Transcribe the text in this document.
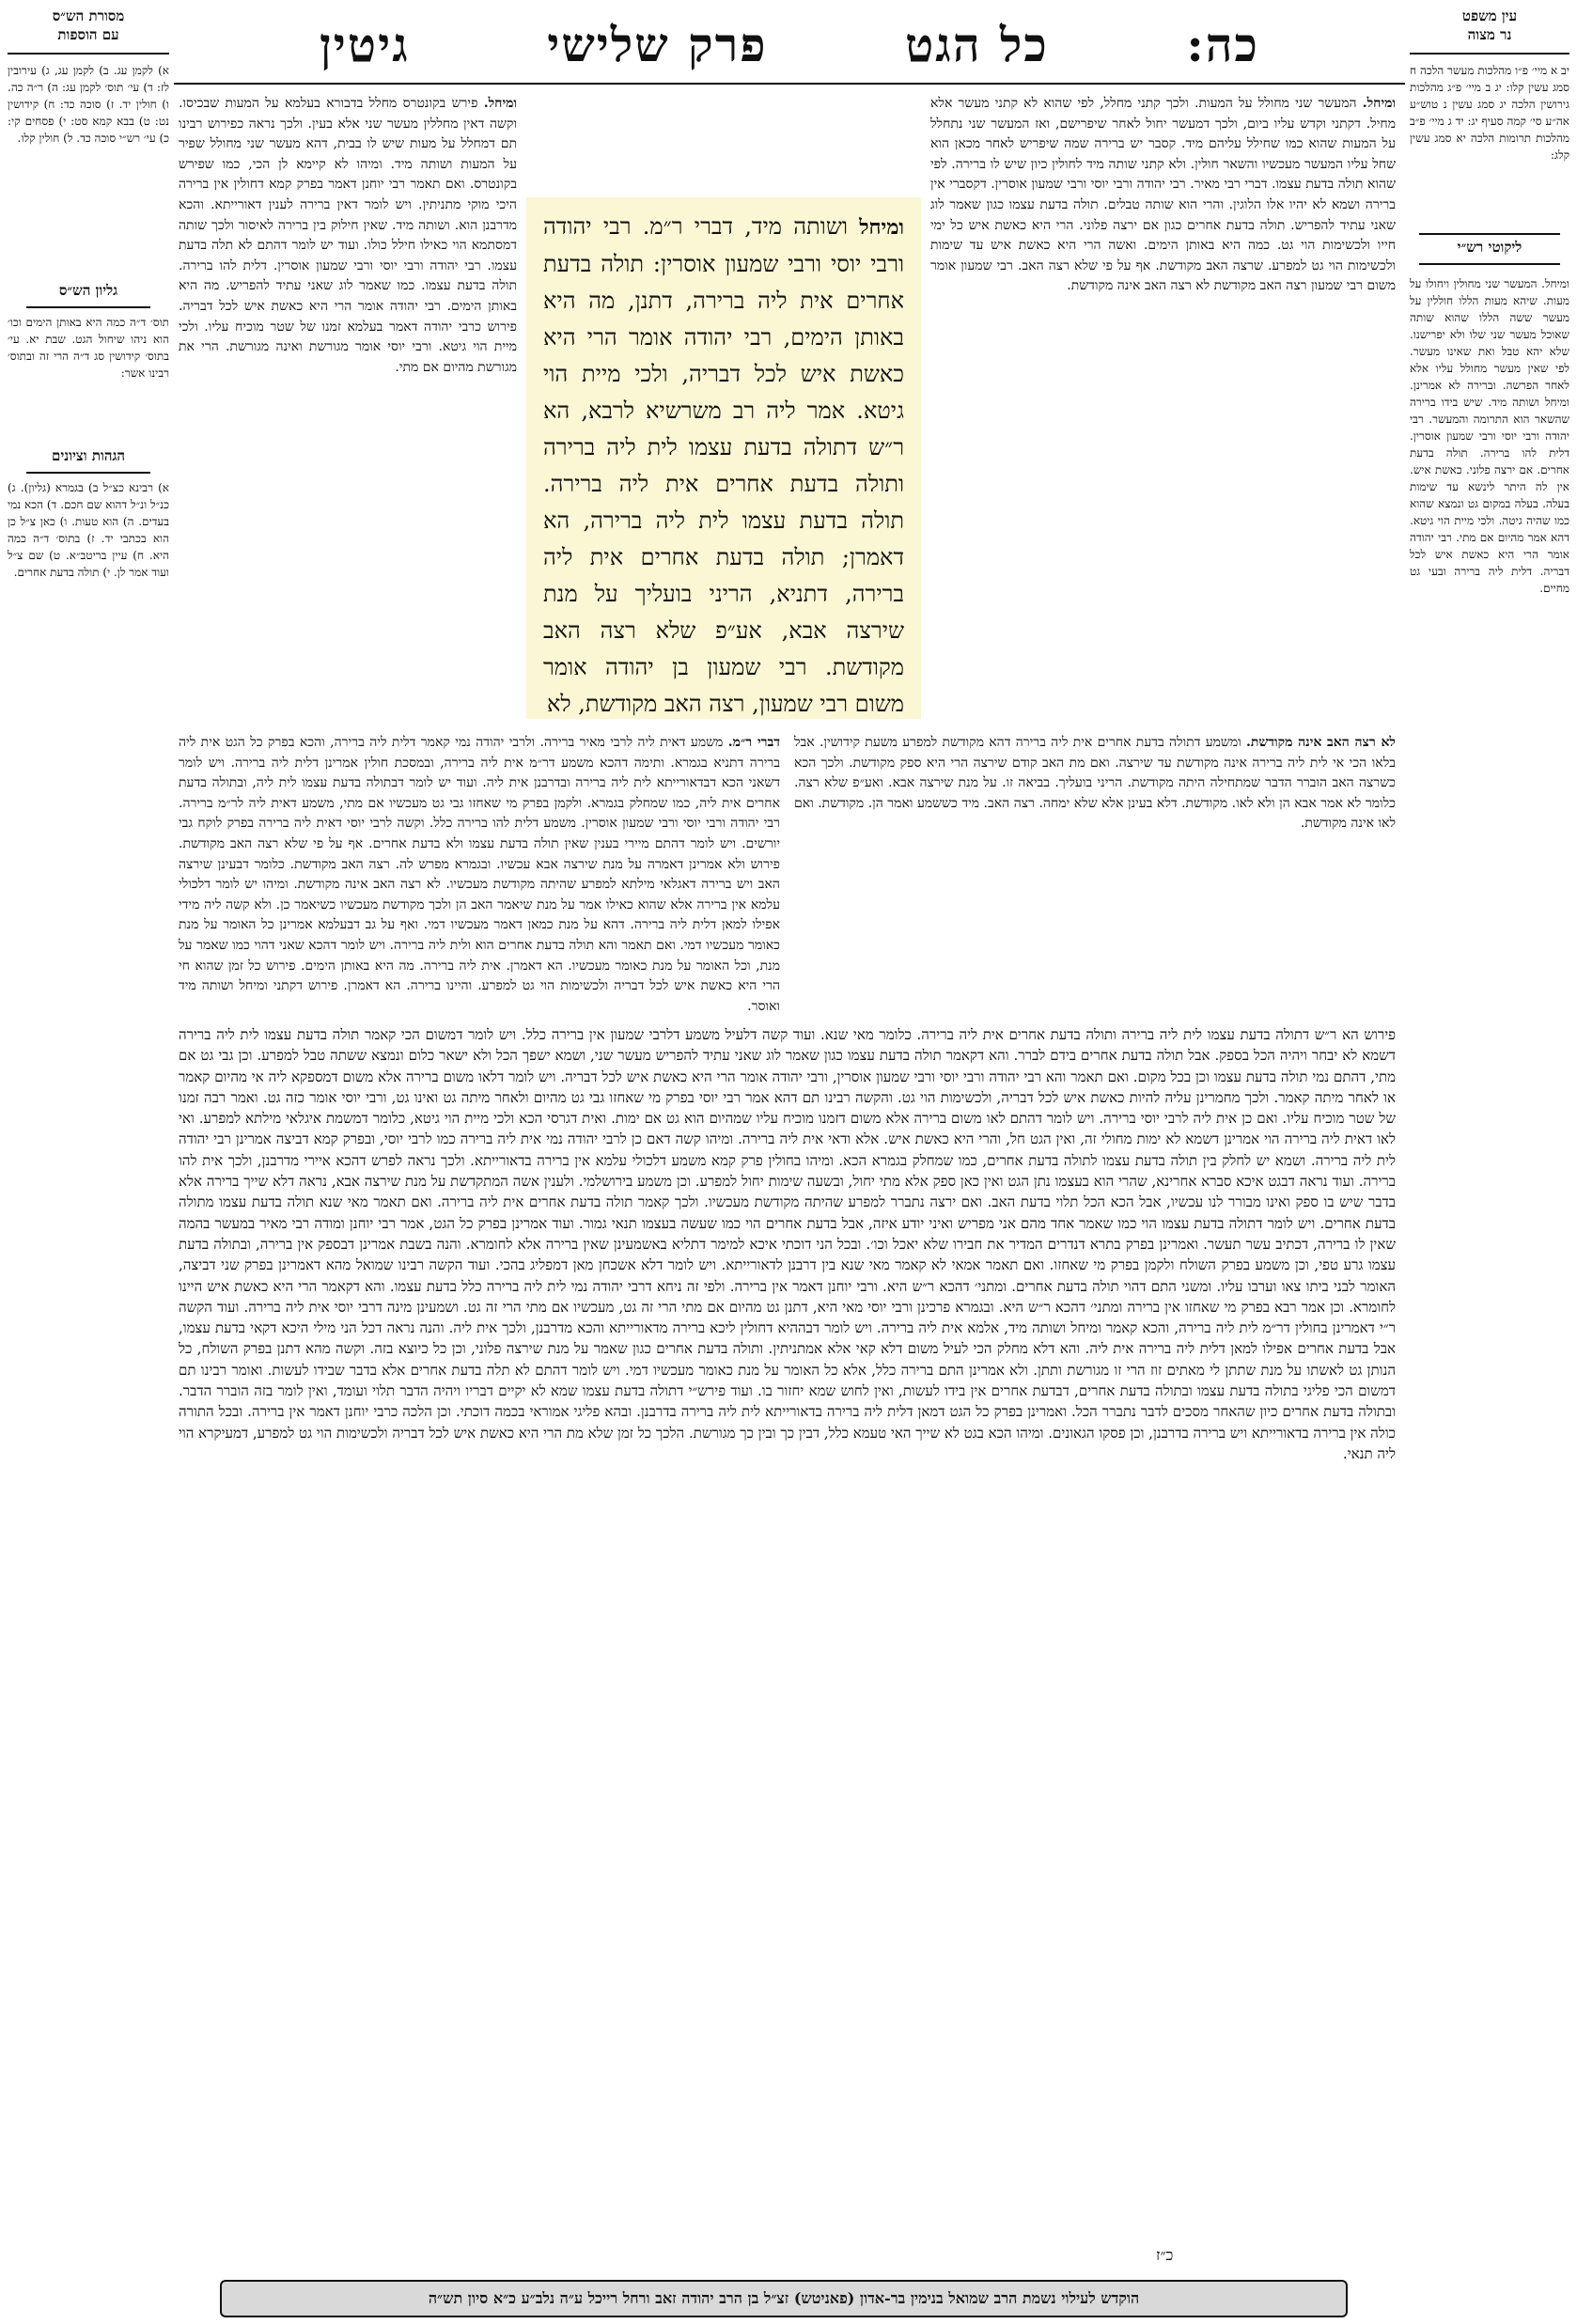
כה:
כל הגט
פרק שלישי
גיטין
עין משפט
נר מצוה
יב א מיי׳ פ״ו מהלכות מעשר הלכה ח סמג עשין קלו: יג ב מיי׳ פ״ג מהלכות גירושין הלכה יג סמג עשין נ טוש״ע אה״ע סי׳ קמה סעיף יג: יד ג מיי׳ פ״ב מהלכות תרומות הלכה יא סמג עשין קלג:
ליקוטי רש״י
ומיחל. המעשר שני מחולין ויחולו על מעות. שיהא מעות הללו חוללין על מעשר ששה הללו שהוא שותה שאוכל מעשר שני שלו ולא יפרישנו. שלא יהא טבל ואת שאינו מעשר. לפי שאין מעשר מחולל עליו אלא לאחר הפרשה. וברירה לא אמרינן. ומיחל ושותה מיד. שיש בידו ברירה שהשאר הוא התרומה והמעשר. רבי יהודה ורבי יוסי ורבי שמעון אוסרין. דלית להו ברירה. תולה בדעת אחרים. אם ירצה פלוני. כאשת איש. אין לה היתר לינשא עד שימות בעלה. בעלה במקום גט ונמצא שהוא כמו שהיה גיטה. ולכי מיית הוי גיטא. דהא אמר מהיום אם מתי. רבי יהודה אומר הרי היא כאשת איש לכל דבריה. דלית ליה ברירה ובעי גט מחיים.
מסורת הש״ס
עם הוספות
א) לקמן עג. ב) לקמן עג, ג) עירובין לז: ד) עי׳ תוס׳ לקמן עג: ה) ר״ה כה. ו) חולין יד. ז) סוכה כד: ח) קידושין נט: ט) בבא קמא סט: י) פסחים קי: כ) עי׳ רש״י סוכה כד. ל) חולין קלו.
גליון הש״ס
תוס׳ ד״ה כמה היא באותן הימים וכו׳ הוא ניהו שיחול הגט. שבת יא. עי׳ בתוס׳ קידושין סג ד״ה הרי זה ובתוס׳ רבינו אשר:
הגהות וציונים
א) רבינא כצ״ל ב) בגמרא (גליון). ג) כנ״ל ונ״ל דהוא שם חכם. ד) הכא נמי בעדים. ה) הוא טעות. ו) כאן צ״ל כן הוא בכתבי יד. ז) בתוס׳ ד״ה כמה היא. ח) עיין בריטב״א. ט) שם צ״ל ועוד אמר לן. י) תולה בדעת אחרים.
ומיחל. המעשר שני מחולל על המעות. ולכך קתני מחלל, לפי שהוא לא קתני מעשר אלא מחיל. דקתני וקדש עליו ביום, ולכך דמעשר יחול לאחר שיפרישם, ואז המעשר שני נתחלל על המעות שהוא כמו שחילל עליהם מיד. קסבר יש ברירה שמה שיפריש לאחר מכאן הוא שחל עליו המעשר מעכשיו והשאר חולין. ולא קתני שותה מיד לחולין כיון שיש לו ברירה. לפי שהוא תולה בדעת עצמו. דברי רבי מאיר. רבי יהודה ורבי יוסי ורבי שמעון אוסרין. דקסברי אין ברירה ושמא לא יהיו אלו הלוגין. והרי הוא שותה טבלים. תולה בדעת עצמו כגון שאמר לוג שאני עתיד להפריש. תולה בדעת אחרים כגון אם ירצה פלוני. הרי היא כאשת איש כל ימי חייו ולכשימות הוי גט. כמה היא באותן הימים. ואשה הרי היא כאשת איש עד שימות ולכשימות הוי גט למפרע. שרצה האב מקודשת. אף על פי שלא רצה האב. רבי שמעון אומר משום רבי שמעון רצה האב מקודשת לא רצה האב אינה מקודשת.
ומיחל. פירש בקונטרס מחלל בדבורא בעלמא על המעות שבכיסו. וקשה דאין מחללין מעשר שני אלא בעין. ולכך נראה כפירוש רבינו תם דמחלל על מעות שיש לו בבית, דהא מעשר שני מחולל שפיר על המעות ושותה מיד. ומיהו לא קיימא לן הכי, כמו שפירש בקונטרס. ואם תאמר רבי יוחנן דאמר בפרק קמא דחולין אין ברירה היכי מוקי מתניתין. ויש לומר דאין ברירה לענין דאורייתא. והכא מדרבנן הוא. ושותה מיד. שאין חילוק בין ברירה לאיסור ולכך שותה דמסתמא הוי כאילו חילל כולו. ועוד יש לומר דהתם לא תלה בדעת עצמו. רבי יהודה ורבי יוסי ורבי שמעון אוסרין. דלית להו ברירה. תולה בדעת עצמו. כמו שאמר לוג שאני עתיד להפריש. מה היא באותן הימים. רבי יהודה אומר הרי היא כאשת איש לכל דבריה. פירוש כרבי יהודה דאמר בעלמא זמנו של שטר מוכיח עליו. ולכי מיית הוי גיטא. ורבי יוסי אומר מגורשת ואינה מגורשת. הרי את מגורשת מהיום אם מתי.
ומיחל ושותה מיד, דברי ר״מ. רבי יהודה ורבי יוסי ורבי שמעון אוסרין: תולה בדעת אחרים אית ליה ברירה, דתנן, מה היא באותן הימים, רבי יהודה אומר הרי היא כאשת איש לכל דבריה, ולכי מיית הוי גיטא. אמר ליה רב משרשיא לרבא, הא ר״ש דתולה בדעת עצמו לית ליה ברירה ותולה בדעת אחרים אית ליה ברירה. תולה בדעת עצמו לית ליה ברירה, הא דאמרן; תולה בדעת אחרים אית ליה ברירה, דתניא, הריני בועליך על מנת שירצה אבא, אע״פ שלא רצה האב מקודשת. רבי שמעון בן יהודה אומר משום רבי שמעון, רצה האב מקודשת, לא
דברי ר״מ. משמע דאית ליה לרבי מאיר ברירה. ולרבי יהודה נמי קאמר דלית ליה ברירה, והכא בפרק כל הגט אית ליה ברירה דתניא בגמרא. ותימה דהכא משמע דר״מ אית ליה ברירה, ובמסכת חולין אמרינן דלית ליה ברירה. ויש לומר דשאני הכא דבדאורייתא לית ליה ברירה ובדרבנן אית ליה. ועוד יש לומר דבתולה בדעת עצמו לית ליה, ובתולה בדעת אחרים אית ליה, כמו שמחלק בגמרא. ולקמן בפרק מי שאחזו גבי גט מעכשיו אם מתי, משמע דאית ליה לר״מ ברירה. רבי יהודה ורבי יוסי ורבי שמעון אוסרין. משמע דלית להו ברירה כלל. וקשה לרבי יוסי דאית ליה ברירה בפרק לוקח גבי יורשים. ויש לומר דהתם מיירי בענין שאין תולה בדעת עצמו ולא בדעת אחרים. אף על פי שלא רצה האב מקודשת. פירוש ולא אמרינן דאמרה על מנת שירצה אבא עכשיו. ובגמרא מפרש לה. רצה האב מקודשת. כלומר דבעינן שירצה האב ויש ברירה דאגלאי מילתא למפרע שהיתה מקודשת מעכשיו. לא רצה האב אינה מקודשת. ומיהו יש לומר דלכולי עלמא אין ברירה אלא שהוא כאילו אמר על מנת שיאמר האב הן ולכך מקודשת מעכשיו כשיאמר כן. ולא קשה ליה מידי אפילו למאן דלית ליה ברירה. דהא על מנת כמאן דאמר מעכשיו דמי. ואף על גב דבעלמא אמרינן כל האומר על מנת כאומר מעכשיו דמי. ואם תאמר והא תולה בדעת אחרים הוא ולית ליה ברירה. ויש לומר דהכא שאני דהוי כמו שאמר על מנת, וכל האומר על מנת כאומר מעכשיו. הא דאמרן. אית ליה ברירה. מה היא באותן הימים. פירוש כל זמן שהוא חי הרי היא כאשת איש לכל דבריה ולכשימות הוי גט למפרע. והיינו ברירה. הא דאמרן. פירוש דקתני ומיחל ושותה מיד ואוסר.
לא רצה האב אינה מקודשת. ומשמע דתולה בדעת אחרים אית ליה ברירה דהא מקודשת למפרע משעת קידושין. אבל בלאו הכי אי לית ליה ברירה אינה מקודשת עד שירצה. ואם מת האב קודם שירצה הרי היא ספק מקודשת. ולכך הכא כשרצה האב הוברר הדבר שמתחילה היתה מקודשת. הריני בועליך. בביאה זו. על מנת שירצה אבא. ואע״פ שלא רצה. כלומר לא אמר אבא הן ולא לאו. מקודשת. דלא בעינן אלא שלא ימחה. רצה האב. מיד כששמע ואמר הן. מקודשת. ואם לאו אינה מקודשת.
פירוש הא ר״ש דתולה בדעת עצמו לית ליה ברירה ותולה בדעת אחרים אית ליה ברירה. כלומר מאי שנא. ועוד קשה דלעיל משמע דלרבי שמעון אין ברירה כלל. ויש לומר דמשום הכי קאמר תולה בדעת עצמו לית ליה ברירה דשמא לא יבחר ויהיה הכל בספק. אבל תולה בדעת אחרים בידם לברר. והא דקאמר תולה בדעת עצמו כגון שאמר לוג שאני עתיד להפריש מעשר שני, ושמא ישפך הכל ולא ישאר כלום ונמצא ששתה טבל למפרע. וכן גבי גט אם מתי, דהתם נמי תולה בדעת עצמו וכן בכל מקום. ואם תאמר והא רבי יהודה ורבי יוסי ורבי שמעון אוסרין, ורבי יהודה אומר הרי היא כאשת איש לכל דבריה. ויש לומר דלאו משום ברירה אלא משום דמספקא ליה אי מהיום קאמר או לאחר מיתה קאמר. ולכך מחמרינן עליה להיות כאשת איש לכל דבריה, ולכשימות הוי גט. והקשה רבינו תם דהא אמר רבי יוסי בפרק מי שאחזו גבי גט מהיום ולאחר מיתה גט ואינו גט, ורבי יוסי אומר כזה גט. ואמר רבה זמנו של שטר מוכיח עליו. ואם כן אית ליה לרבי יוסי ברירה. ויש לומר דהתם לאו משום ברירה אלא משום דזמנו מוכיח עליו שמהיום הוא גט אם ימות. ואית דגרסי הכא ולכי מיית הוי גיטא, כלומר דמשמת איגלאי מילתא למפרע. ואי לאו דאית ליה ברירה הוי אמרינן דשמא לא ימות מחולי זה, ואין הגט חל, והרי היא כאשת איש. אלא ודאי אית ליה ברירה. ומיהו קשה דאם כן לרבי יהודה נמי אית ליה ברירה כמו לרבי יוסי, ובפרק קמא דביצה אמרינן רבי יהודה לית ליה ברירה. ושמא יש לחלק בין תולה בדעת עצמו לתולה בדעת אחרים, כמו שמחלק בגמרא הכא. ומיהו בחולין פרק קמא משמע דלכולי עלמא אין ברירה בדאורייתא. ולכך נראה לפרש דהכא איירי מדרבנן, ולכך אית להו ברירה. ועוד נראה דבגט איכא סברא אחרינא, שהרי הוא בעצמו נתן הגט ואין כאן ספק אלא מתי יחול, ובשעה שימות יחול למפרע. וכן משמע בירושלמי. ולענין אשה המתקדשת על מנת שירצה אבא, נראה דלא שייך ברירה אלא בדבר שיש בו ספק ואינו מבורר לנו עכשיו, אבל הכא הכל תלוי בדעת האב. ואם ירצה נתברר למפרע שהיתה מקודשת מעכשיו. ולכך קאמר תולה בדעת אחרים אית ליה ברירה. ואם תאמר מאי שנא תולה בדעת עצמו מתולה בדעת אחרים. ויש לומר דתולה בדעת עצמו הוי כמו שאמר אחד מהם אני מפריש ואיני יודע איזה, אבל בדעת אחרים הוי כמו שעשה בעצמו תנאי גמור. ועוד אמרינן בפרק כל הגט, אמר רבי יוחנן ומודה רבי מאיר במעשר בהמה שאין לו ברירה, דכתיב עשר תעשר. ואמרינן בפרק בתרא דנדרים המדיר את חבירו שלא יאכל וכו׳. ובכל הני דוכתי איכא למימר דתליא באשמעינן שאין ברירה אלא לחומרא. והנה בשבת אמרינן דבספק אין ברירה, ובתולה בדעת עצמו גרע טפי, וכן משמע בפרק השולח ולקמן בפרק מי שאחזו. ואם תאמר אמאי לא קאמר מאי שנא בין דרבנן לדאורייתא. ויש לומר דלא אשכחן מאן דמפליג בהכי. ועוד הקשה רבינו שמואל מהא דאמרינן בפרק שני דביצה, האומר לבני ביתו צאו וערבו עליו. ומשני התם דהוי תולה בדעת אחרים. ומתני׳ דהכא ר״ש היא. ורבי יוחנן דאמר אין ברירה. ולפי זה ניחא דרבי יהודה נמי לית ליה ברירה כלל בדעת עצמו. והא דקאמר הרי היא כאשת איש היינו לחומרא. וכן אמר רבא בפרק מי שאחזו אין ברירה ומתני׳ דהכא ר״ש היא. ובגמרא פרכינן ורבי יוסי מאי היא, דתנן גט מהיום אם מתי הרי זה גט, מעכשיו אם מתי הרי זה גט. ושמעינן מינה דרבי יוסי אית ליה ברירה. ועוד הקשה ר״י דאמרינן בחולין דר״מ לית ליה ברירה, והכא קאמר ומיחל ושותה מיד, אלמא אית ליה ברירה. ויש לומר דבההיא דחולין ליכא ברירה מדאורייתא והכא מדרבנן, ולכך אית ליה. והנה נראה דכל הני מילי היכא דקאי בדעת עצמו, אבל בדעת אחרים אפילו למאן דלית ליה ברירה אית ליה. והא דלא מחלק הכי לעיל משום דלא קאי אלא אמתניתין. ותולה בדעת אחרים כגון שאמר על מנת שירצה פלוני, וכן כל כיוצא בזה. וקשה מהא דתנן בפרק השולח, כל הנותן גט לאשתו על מנת שתתן לי מאתים זוז הרי זו מגורשת ותתן. ולא אמרינן התם ברירה כלל, אלא כל האומר על מנת כאומר מעכשיו דמי. ויש לומר דהתם לא תלה בדעת אחרים אלא בדבר שבידו לעשות. ואומר רבינו תם דמשום הכי פליגי בתולה בדעת עצמו ובתולה בדעת אחרים, דבדעת אחרים אין בידו לעשות, ואין לחוש שמא יחזור בו. ועוד פירש״י דתולה בדעת עצמו שמא לא יקיים דבריו ויהיה הדבר תלוי ועומד, ואין לומר בזה הוברר הדבר. ובתולה בדעת אחרים כיון שהאחר מסכים לדבר נתברר הכל. ואמרינן בפרק כל הגט דמאן דלית ליה ברירה בדאורייתא לית ליה ברירה בדרבנן. ובהא פליגי אמוראי בכמה דוכתי. וכן הלכה כרבי יוחנן דאמר אין ברירה. ובכל התורה כולה אין ברירה בדאורייתא ויש ברירה בדרבנן, וכן פסקו הגאונים. ומיהו הכא בגט לא שייך האי טעמא כלל, דבין כך ובין כך מגורשת. הלכך כל זמן שלא מת הרי היא כאשת איש לכל דבריה ולכשימות הוי גט למפרע, דמעיקרא הוי ליה תנאי.
כ״ז
הוקדש לעילוי נשמת הרב שמואל בנימין בר-אדון (פאניטש) זצ״ל בן הרב יהודה זאב ורחל רייכל ע״ה נלב״ע כ״א סיון תש״ה
